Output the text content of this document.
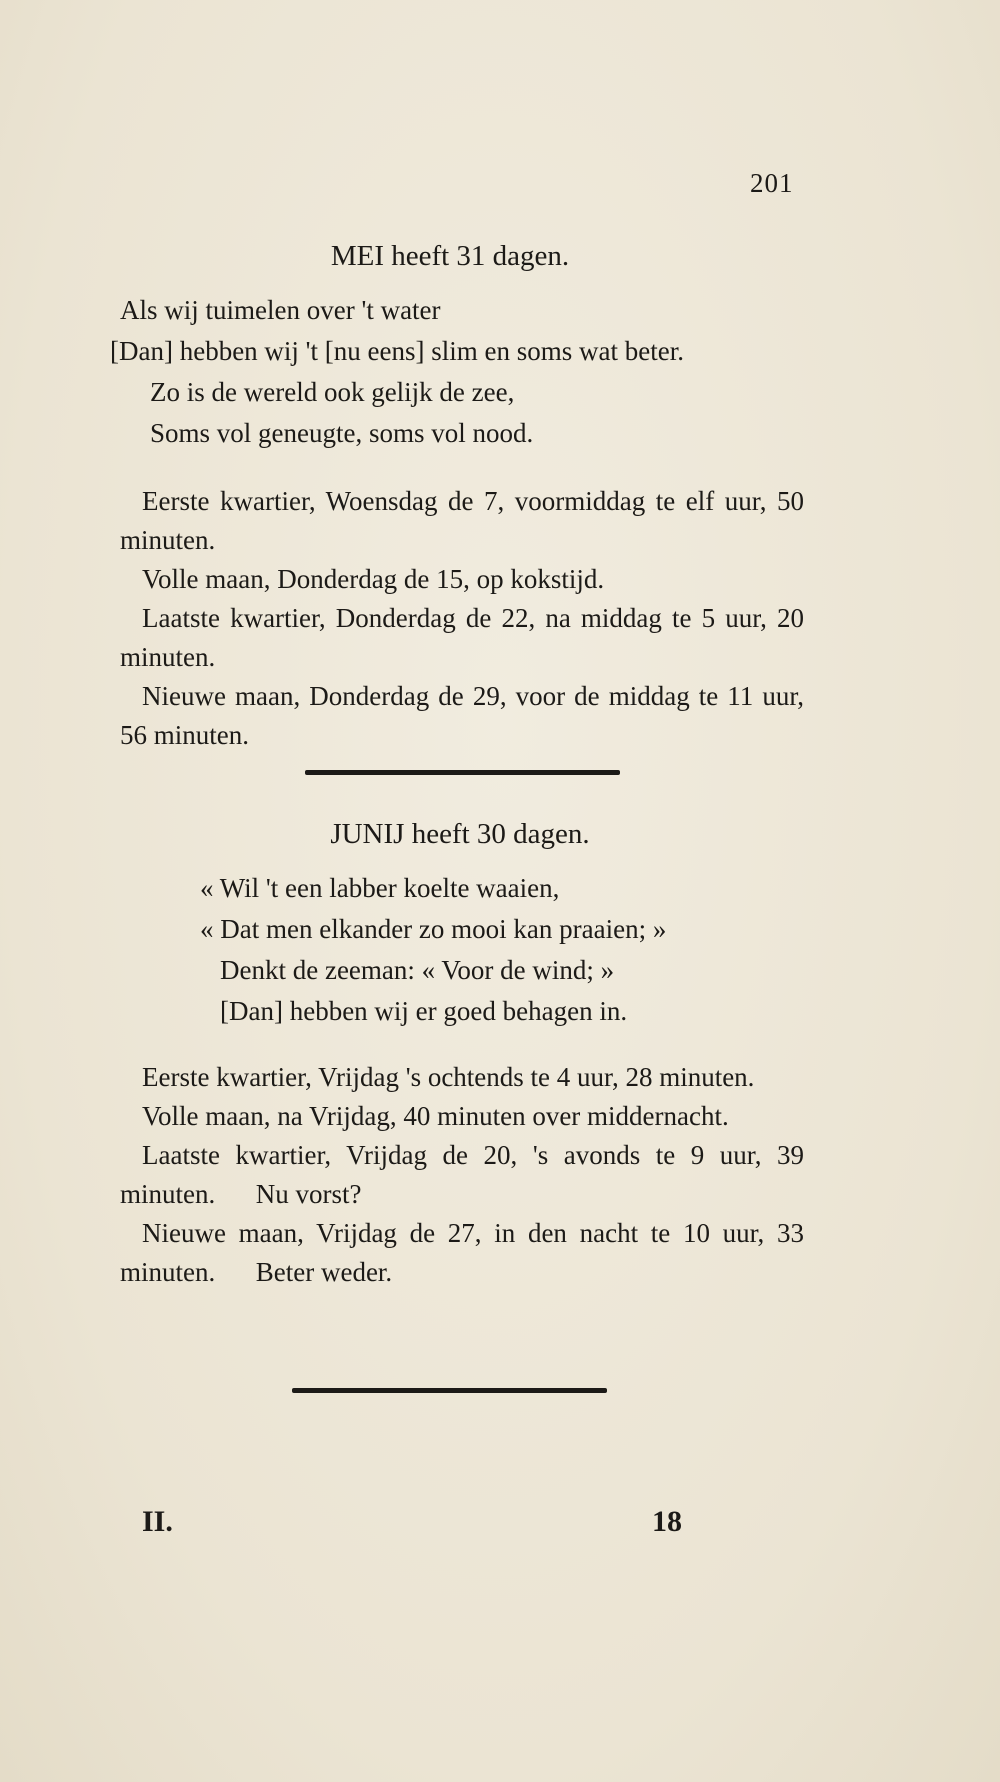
201
MEI heeft 31 dagen.
Als wij tuimelen over 't water
[Dan] hebben wij 't [nu eens] slim en soms wat beter.
Zo is de wereld ook gelijk de zee,
Soms vol geneugte, soms vol nood.

Eerste kwartier, Woensdag de 7, voormiddag te elf uur, 50 minuten.

Volle maan, Donderdag de 15, op kokstijd.

Laatste kwartier, Donderdag de 22, na middag te 5 uur, 20 minuten.

Nieuwe maan, Donderdag de 29, voor de middag te 11 uur, 56 minuten.

JUNIJ heeft 30 dagen.
« Wil 't een labber koelte waaien,
« Dat men elkander zo mooi kan praaien; »
Denkt de zeeman: « Voor de wind; »
[Dan] hebben wij er goed behagen in.

Eerste kwartier, Vrijdag 's ochtends te 4 uur, 28 minuten.

Volle maan, na Vrijdag, 40 minuten over middernacht.

Laatste kwartier, Vrijdag de 20, 's avonds te 9 uur, 39 minuten. Nu vorst?

Nieuwe maan, Vrijdag de 27, in den nacht te 10 uur, 33 minuten. Beter weder.

II.	18
